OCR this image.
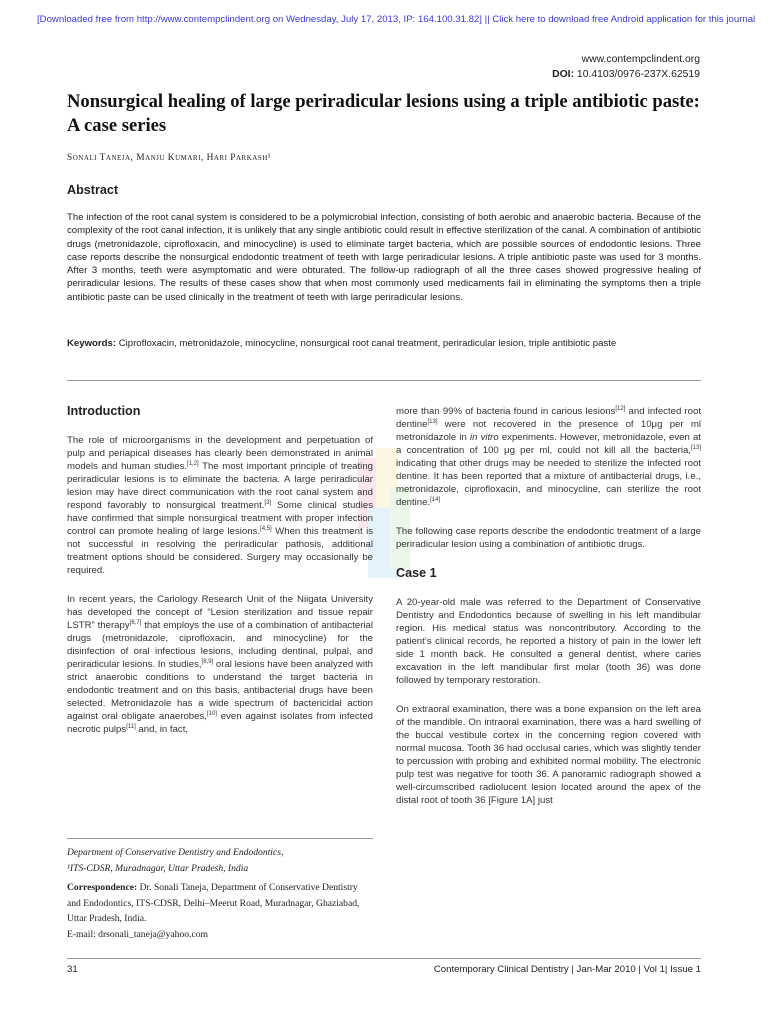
[Downloaded free from http://www.contempclindent.org on Wednesday, July 17, 2013, IP: 164.100.31.82] || Click here to download free Android application for this journal
www.contempclindent.org
DOI: 10.4103/0976-237X.62519
Nonsurgical healing of large periradicular lesions using a triple antibiotic paste: A case series
Sonali Taneja, Manju Kumari, Hari Parkash¹
Abstract

The infection of the root canal system is considered to be a polymicrobial infection, consisting of both aerobic and anaerobic bacteria. Because of the complexity of the root canal infection, it is unlikely that any single antibiotic could result in effective sterilization of the canal. A combination of antibiotic drugs (metronidazole, ciprofloxacin, and minocycline) is used to eliminate target bacteria, which are possible sources of endodontic lesions. Three case reports describe the nonsurgical endodontic treatment of teeth with large periradicular lesions. A triple antibiotic paste was used for 3 months. After 3 months, teeth were asymptomatic and were obturated. The follow-up radiograph of all the three cases showed progressive healing of periradicular lesions. The results of these cases show that when most commonly used medicaments fail in eliminating the symptoms then a triple antibiotic paste can be used clinically in the treatment of teeth with large periradicular lesions.

Keywords: Ciprofloxacin, metronidazole, minocycline, nonsurgical root canal treatment, periradicular lesion, triple antibiotic paste

Introduction

The role of microorganisms in the development and perpetuation of pulp and periapical diseases has clearly been demonstrated in animal models and human studies.[1,2] The most important principle of treating periradicular lesions is to eliminate the bacteria. A large periradicular lesion may have direct communication with the root canal system and respond favorably to nonsurgical treatment.[3] Some clinical studies have confirmed that simple nonsurgical treatment with proper infection control can promote healing of large lesions.[4,5] When this treatment is not successful in resolving the periradicular pathosis, additional treatment options should be considered. Surgery may occasionally be required.

In recent years, the Cariology Research Unit of the Niigata University has developed the concept of “Lesion sterilization and tissue repair LSTR” therapy[6,7] that employs the use of a combination of antibacterial drugs (metronidazole, ciprofloxacin, and minocycline) for the disinfection of oral infectious lesions, including dentinal, pulpal, and periradicular lesions. In studies,[8,9] oral lesions have been analyzed with strict anaerobic conditions to understand the target bacteria in endodontic treatment and on this basis, antibacterial drugs have been selected. Metronidazole has a wide spectrum of bactericidal action against oral obligate anaerobes,[10] even against isolates from infected necrotic pulps[11] and, in fact,

Department of Conservative Dentistry and Endodontics,
¹ITS-CDSR, Muradnagar, Uttar Pradesh, India
Correspondence: Dr. Sonali Taneja, Department of Conservative Dentistry and Endodontics, ITS-CDSR, Delhi–Meerut Road, Muradnagar, Ghaziabad, Uttar Pradesh, India.
E-mail: drsonali_taneja@yahoo.com

more than 99% of bacteria found in carious lesions[12] and infected root dentine[13] were not recovered in the presence of 10μg per ml metronidazole in in vitro experiments. However, metronidazole, even at a concentration of 100 μg per ml, could not kill all the bacteria,[13] indicating that other drugs may be needed to sterilize the infected root dentine. It has been reported that a mixture of antibacterial drugs, i.e., metronidazole, ciprofloxacin, and minocycline, can sterilize the root dentine.[14]

The following case reports describe the endodontic treatment of a large periradicular lesion using a combination of antibiotic drugs.

Case 1

A 20-year-old male was referred to the Department of Conservative Dentistry and Endodontics because of swelling in his left mandibular region. His medical status was noncontributory. According to the patient’s clinical records, he reported a history of pain in the lower left side 1 month back. He consulted a general dentist, where caries excavation in the left mandibular first molar (tooth 36) was done followed by temporary restoration.

On extraoral examination, there was a bone expansion on the left area of the mandible. On intraoral examination, there was a hard swelling of the buccal vestibule cortex in the concerning region covered with normal mucosa. Tooth 36 had occlusal caries, which was slightly tender to percussion with probing and exhibited normal mobility. The electronic pulp test was negative for tooth 36. A panoramic radiograph showed a well-circumscribed radiolucent lesion located around the apex of the distal root of tooth 36 [Figure 1A] just

31	Contemporary Clinical Dentistry | Jan-Mar 2010 | Vol 1| Issue 1
